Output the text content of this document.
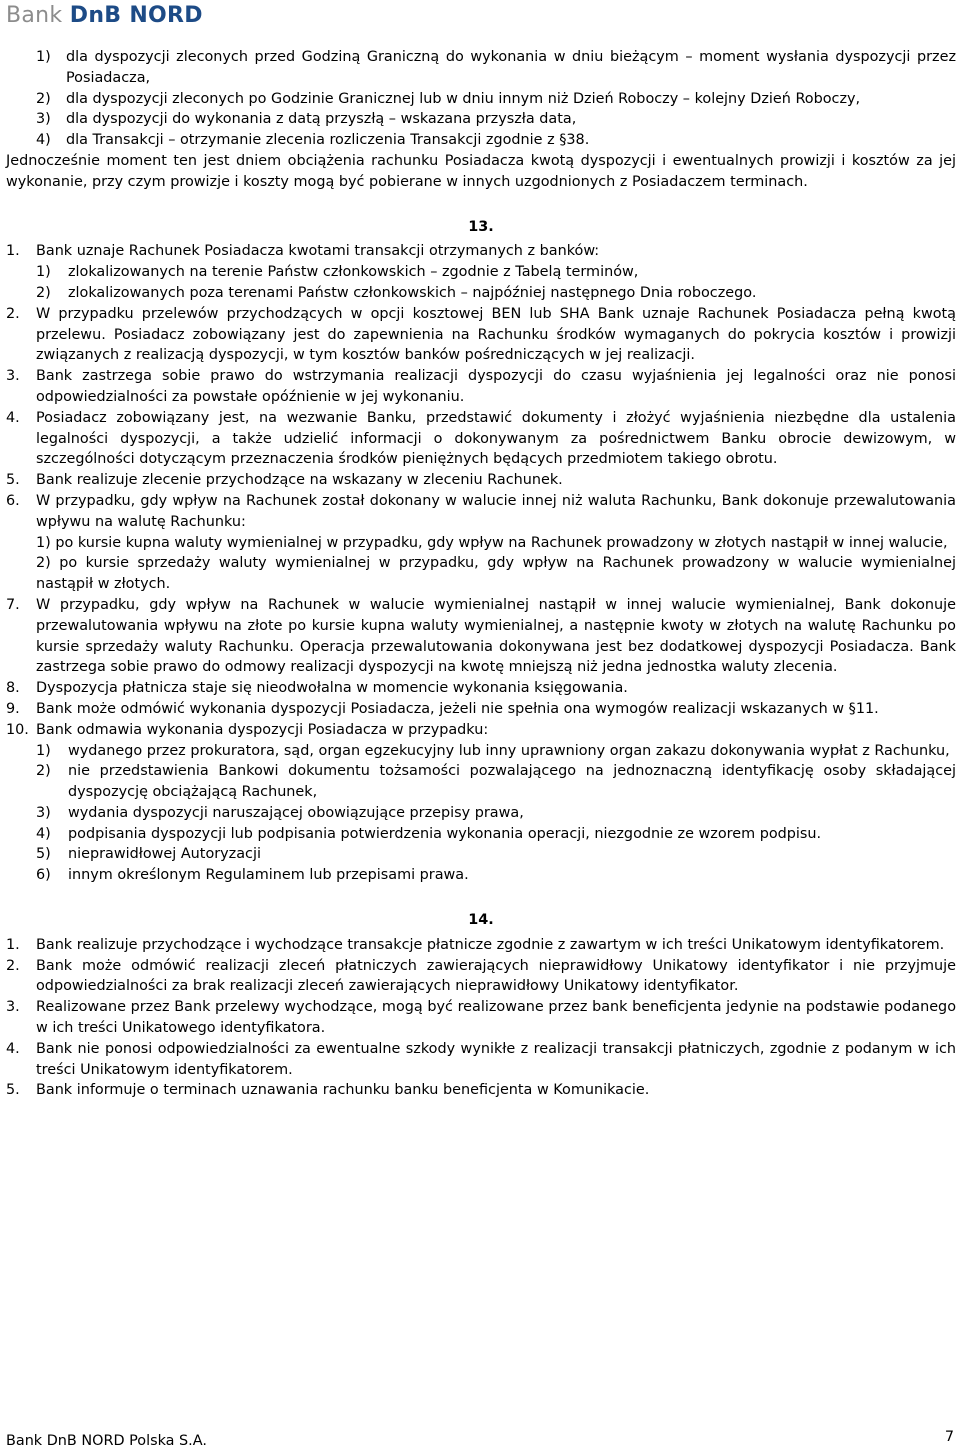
Bank DnB NORD
1)	dla dyspozycji zleconych przed Godziną Graniczną do wykonania w dniu bieżącym – moment wysłania dyspozycji przez Posiadacza,
2)	dla dyspozycji zleconych po Godzinie Granicznej lub w dniu innym niż Dzień Roboczy – kolejny Dzień Roboczy,
3)	dla dyspozycji do wykonania z datą przyszłą – wskazana przyszła data,
4)	dla Transakcji – otrzymanie zlecenia rozliczenia Transakcji zgodnie z §38.
Jednocześnie moment ten jest dniem obciążenia rachunku Posiadacza kwotą dyspozycji i ewentualnych prowizji i kosztów za jej wykonanie, przy czym prowizje i koszty mogą być pobierane w innych uzgodnionych z Posiadaczem terminach.
13.
1. Bank uznaje Rachunek Posiadacza kwotami transakcji otrzymanych z banków:
1) zlokalizowanych na terenie Państw członkowskich – zgodnie z Tabelą terminów,
2) zlokalizowanych poza terenami Państw członkowskich – najpóźniej następnego Dnia roboczego.
2. W przypadku przelewów przychodzących w opcji kosztowej BEN lub SHA Bank uznaje Rachunek Posiadacza pełną kwotą przelewu. Posiadacz zobowiązany jest do zapewnienia na Rachunku środków wymaganych do pokrycia kosztów i prowizji związanych z realizacją dyspozycji, w tym kosztów banków pośredniczących w jej realizacji.
3. Bank zastrzega sobie prawo do wstrzymania realizacji dyspozycji do czasu wyjaśnienia jej legalności oraz nie ponosi odpowiedzialności za powstałe opóźnienie w jej wykonaniu.
4. Posiadacz zobowiązany jest, na wezwanie Banku, przedstawić dokumenty i złożyć wyjaśnienia niezbędne dla ustalenia legalności dyspozycji, a także udzielić informacji o dokonywanym za pośrednictwem Banku obrocie dewizowym, w szczególności dotyczącym przeznaczenia środków pieniężnych będących przedmiotem takiego obrotu.
5. Bank realizuje zlecenie przychodzące na wskazany w zleceniu Rachunek.
6. W przypadku, gdy wpływ na Rachunek został dokonany w walucie innej niż waluta Rachunku, Bank dokonuje przewalutowania wpływu na walutę Rachunku:
1) po kursie kupna waluty wymienialnej w przypadku, gdy wpływ na Rachunek prowadzony w złotych nastąpił w innej walucie,
2) po kursie sprzedaży waluty wymienialnej w przypadku, gdy wpływ na Rachunek prowadzony w walucie wymienialnej nastąpił w złotych.
7. W przypadku, gdy wpływ na Rachunek w walucie wymienialnej nastąpił w innej walucie wymienialnej, Bank dokonuje przewalutowania wpływu na złote po kursie kupna waluty wymienialnej, a następnie kwoty w złotych na walutę Rachunku po kursie sprzedaży waluty Rachunku. Operacja przewalutowania dokonywana jest bez dodatkowej dyspozycji Posiadacza. Bank zastrzega sobie prawo do odmowy realizacji dyspozycji na kwotę mniejszą niż jedna jednostka waluty zlecenia.
8. Dyspozycja płatnicza staje się nieodwołalna w momencie wykonania księgowania.
9. Bank może odmówić wykonania dyspozycji Posiadacza, jeżeli nie spełnia ona wymogów realizacji wskazanych w §11.
10. Bank odmawia wykonania dyspozycji Posiadacza w przypadku:
1) wydanego przez prokuratora, sąd, organ egzekucyjny lub inny uprawniony organ zakazu dokonywania wypłat z Rachunku,
2) nie przedstawienia Bankowi dokumentu tożsamości pozwalającego na jednoznaczną identyfikację osoby składającej dyspozycję obciążającą Rachunek,
3) wydania dyspozycji naruszającej obowiązujące przepisy prawa,
4) podpisania dyspozycji lub podpisania potwierdzenia wykonania operacji, niezgodnie ze wzorem podpisu.
5) nieprawidłowej Autoryzacji
6) innym określonym Regulaminem lub przepisami prawa.
14.
1. Bank realizuje przychodzące i wychodzące transakcje płatnicze zgodnie z zawartym w ich treści Unikatowym identyfikatorem.
2. Bank może odmówić realizacji zleceń płatniczych zawierających nieprawidłowy Unikatowy identyfikator i nie przyjmuje odpowiedzialności za brak realizacji zleceń zawierających nieprawidłowy Unikatowy identyfikator.
3. Realizowane przez Bank przelewy wychodzące, mogą być realizowane przez bank beneficjenta jedynie na podstawie podanego w ich treści Unikatowego identyfikatora.
4. Bank nie ponosi odpowiedzialności za ewentualne szkody wynikłe z realizacji transakcji płatniczych, zgodnie z podanym w ich treści Unikatowym identyfikatorem.
5. Bank informuje o terminach uznawania rachunku banku beneficjenta w Komunikacie.
Bank DnB NORD Polska S.A.	7
